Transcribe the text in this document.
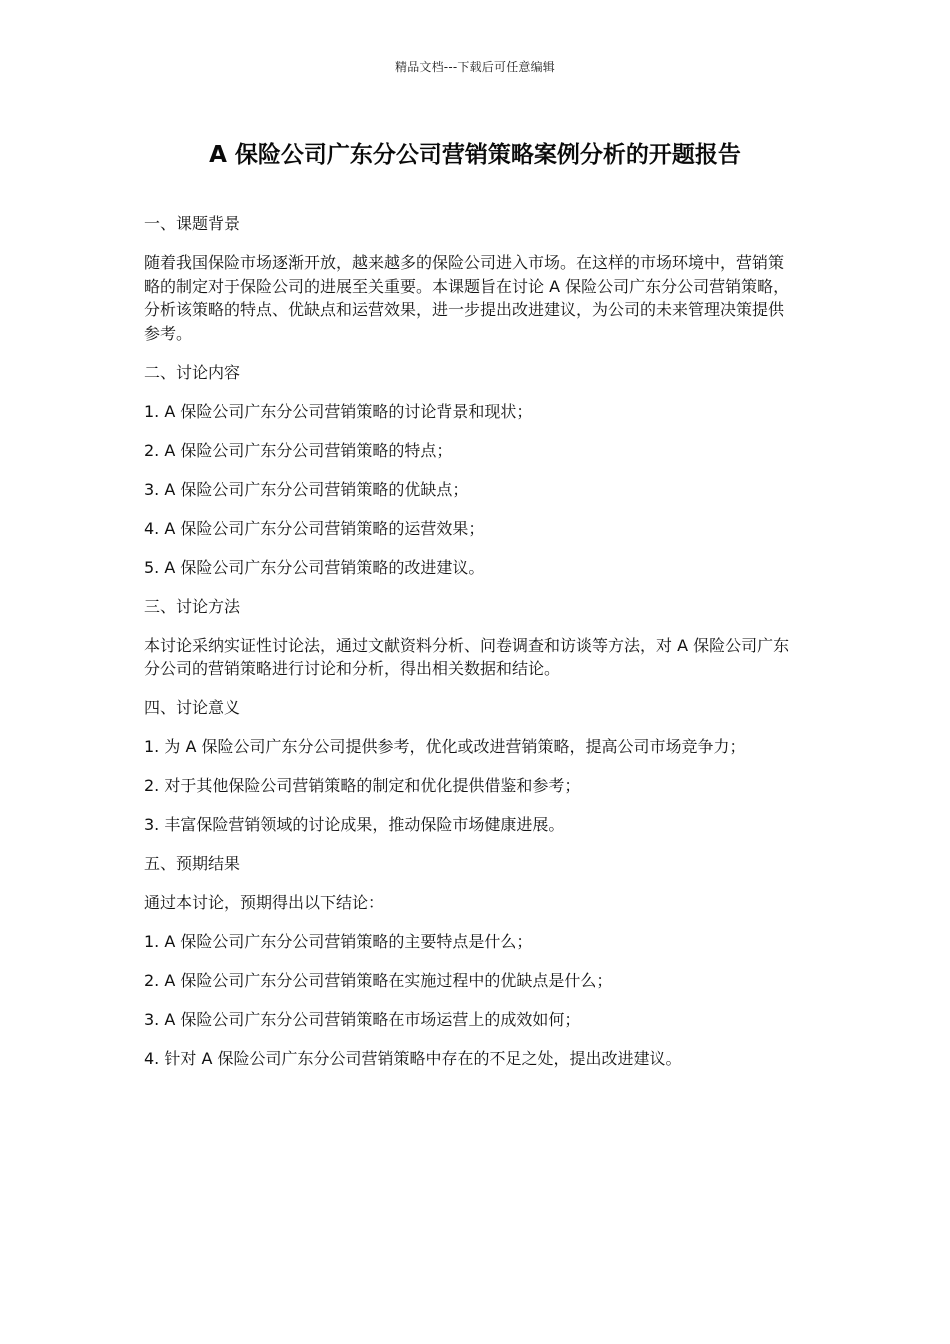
精品文档---下载后可任意编辑
A 保险公司广东分公司营销策略案例分析的开题报告

一、课题背景

随着我国保险市场逐渐开放，越来越多的保险公司进入市场。在这样的市场环境中，营销策略的制定对于保险公司的进展至关重要。本课题旨在讨论 A 保险公司广东分公司营销策略，分析该策略的特点、优缺点和运营效果，进一步提出改进建议，为公司的未来管理决策提供参考。

二、讨论内容

1. A 保险公司广东分公司营销策略的讨论背景和现状；

2. A 保险公司广东分公司营销策略的特点；

3. A 保险公司广东分公司营销策略的优缺点；

4. A 保险公司广东分公司营销策略的运营效果；

5. A 保险公司广东分公司营销策略的改进建议。

三、讨论方法

本讨论采纳实证性讨论法，通过文献资料分析、问卷调查和访谈等方法，对 A 保险公司广东分公司的营销策略进行讨论和分析，得出相关数据和结论。

四、讨论意义

1. 为 A 保险公司广东分公司提供参考，优化或改进营销策略，提高公司市场竞争力；

2. 对于其他保险公司营销策略的制定和优化提供借鉴和参考；

3. 丰富保险营销领域的讨论成果，推动保险市场健康进展。

五、预期结果

通过本讨论，预期得出以下结论：

1. A 保险公司广东分公司营销策略的主要特点是什么；

2. A 保险公司广东分公司营销策略在实施过程中的优缺点是什么；

3. A 保险公司广东分公司营销策略在市场运营上的成效如何；

4. 针对 A 保险公司广东分公司营销策略中存在的不足之处，提出改进建议。
